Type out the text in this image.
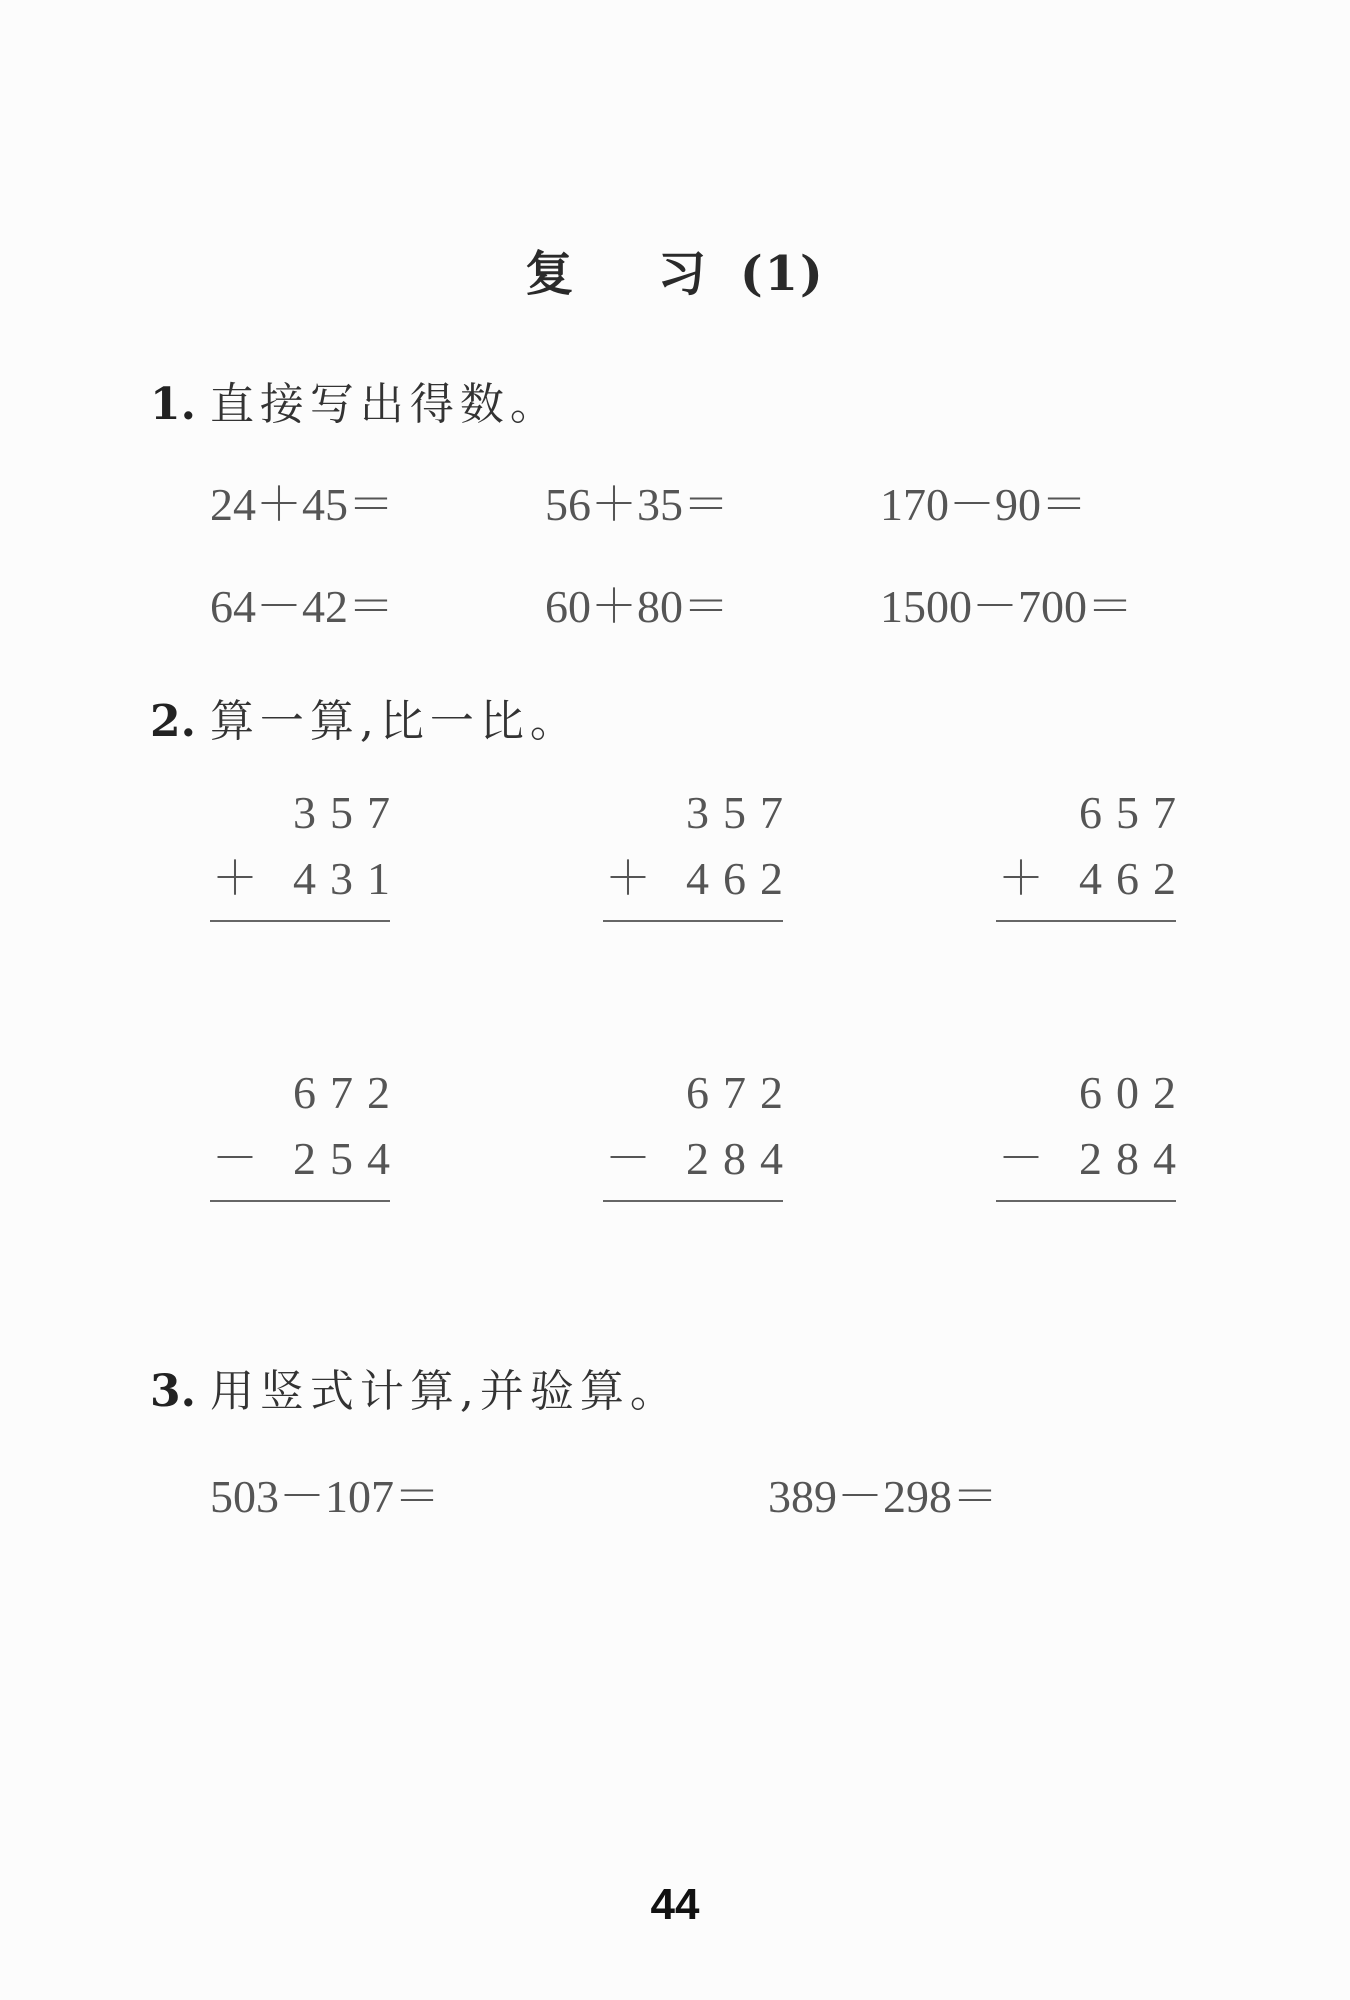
复 习(1)
1. 直接写出得数。
24＋45＝	56＋35＝	170－90＝
64－42＝	60＋80＝	1500－700＝
2. 算一算,比一比。
357
＋ 431
357
＋ 462
657
＋ 462
672
－ 254
672
－ 284
602
－ 284
3. 用竖式计算,并验算。
503－107＝	389－298＝
44
